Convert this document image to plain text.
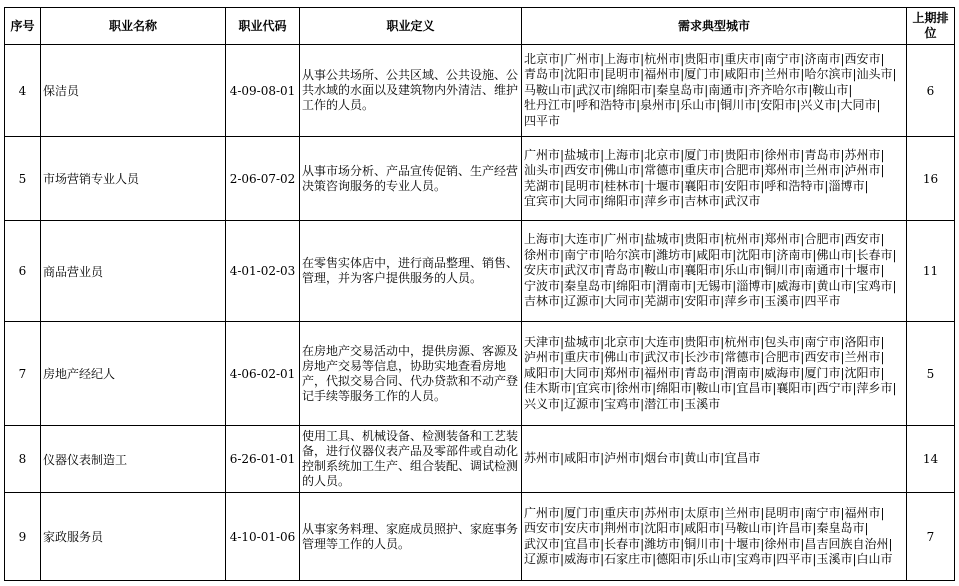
序号	职业名称	职业代码	职业定义	需求典型城市	上期排位
4	保洁员	4-09-08-01	从事公共场所、公共区域、公共设施、公共水域的水面以及建筑物内外清洁、维护工作的人员。	北京市|广州市|上海市|杭州市|贵阳市|重庆市|南宁市|济南市|西安市|青岛市|沈阳市|昆明市|福州市|厦门市|咸阳市|兰州市|哈尔滨市|汕头市|马鞍山市|武汉市|绵阳市|秦皇岛市|南通市|齐齐哈尔市|鞍山市|牡丹江市|呼和浩特市|泉州市|乐山市|铜川市|安阳市|兴义市|大同市|四平市	6
5	市场营销专业人员	2-06-07-02	从事市场分析、产品宣传促销、生产经营决策咨询服务的专业人员。	广州市|盐城市|上海市|北京市|厦门市|贵阳市|徐州市|青岛市|苏州市|汕头市|西安市|佛山市|常德市|重庆市|合肥市|郑州市|兰州市|泸州市|芜湖市|昆明市|桂林市|十堰市|襄阳市|安阳市|呼和浩特市|淄博市|宜宾市|大同市|绵阳市|萍乡市|吉林市|武汉市	16
6	商品营业员	4-01-02-03	在零售实体店中，进行商品整理、销售、管理，并为客户提供服务的人员。	上海市|大连市|广州市|盐城市|贵阳市|杭州市|郑州市|合肥市|西安市|徐州市|南宁市|哈尔滨市|潍坊市|咸阳市|沈阳市|济南市|佛山市|长春市|安庆市|武汉市|青岛市|鞍山市|襄阳市|乐山市|铜川市|南通市|十堰市|宁波市|秦皇岛市|绵阳市|渭南市|无锡市|淄博市|威海市|黄山市|宝鸡市|吉林市|辽源市|大同市|芜湖市|安阳市|萍乡市|玉溪市|四平市	11
7	房地产经纪人	4-06-02-01	在房地产交易活动中，提供房源、客源及房地产交易等信息，协助实地查看房地产，代拟交易合同、代办贷款和不动产登记手续等服务工作的人员。	天津市|盐城市|北京市|大连市|贵阳市|杭州市|包头市|南宁市|洛阳市|泸州市|重庆市|佛山市|武汉市|长沙市|常德市|合肥市|西安市|兰州市|咸阳市|大同市|郑州市|福州市|青岛市|渭南市|威海市|厦门市|沈阳市|佳木斯市|宜宾市|徐州市|绵阳市|鞍山市|宜昌市|襄阳市|西宁市|萍乡市|兴义市|辽源市|宝鸡市|潜江市|玉溪市	5
8	仪器仪表制造工	6-26-01-01	使用工具、机械设备、检测装备和工艺装备，进行仪器仪表产品及零部件或自动化控制系统加工生产、组合装配、调试检测的人员。	苏州市|咸阳市|泸州市|烟台市|黄山市|宜昌市	14
9	家政服务员	4-10-01-06	从事家务料理、家庭成员照护、家庭事务管理等工作的人员。	广州市|厦门市|重庆市|苏州市|太原市|兰州市|昆明市|南宁市|福州市|西安市|安庆市|荆州市|沈阳市|咸阳市|马鞍山市|许昌市|秦皇岛市|武汉市|宜昌市|长春市|潍坊市|铜川市|十堰市|徐州市|昌吉回族自治州|辽源市|威海市|石家庄市|德阳市|乐山市|宝鸡市|四平市|玉溪市|白山市	7
